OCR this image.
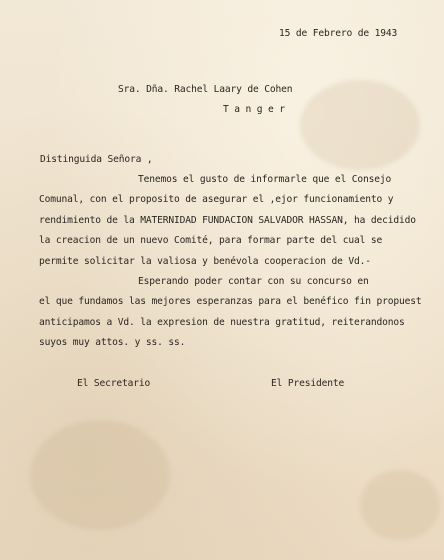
15 de Febrero de 1943
Sra. Dña. Rachel Laary de Cohen
T a n g e r
Distinguida Señora ,
Tenemos el gusto de informarle que el Consejo
Comunal, con el proposito de asegurar el ,ejor funcionamiento y
rendimiento de la MATERNIDAD FUNDACION SALVADOR HASSAN, ha decidido
la creacion de un nuevo Comité, para formar parte del cual se
permite solicitar la valiosa y benévola cooperacion de Vd.-
Esperando poder contar con su concurso en
el que fundamos las mejores esperanzas para el benéfico fin propuest
anticipamos a Vd. la expresion de nuestra gratitud, reiterandonos
suyos muy attos. y ss. ss.
El Secretario	El Presidente
